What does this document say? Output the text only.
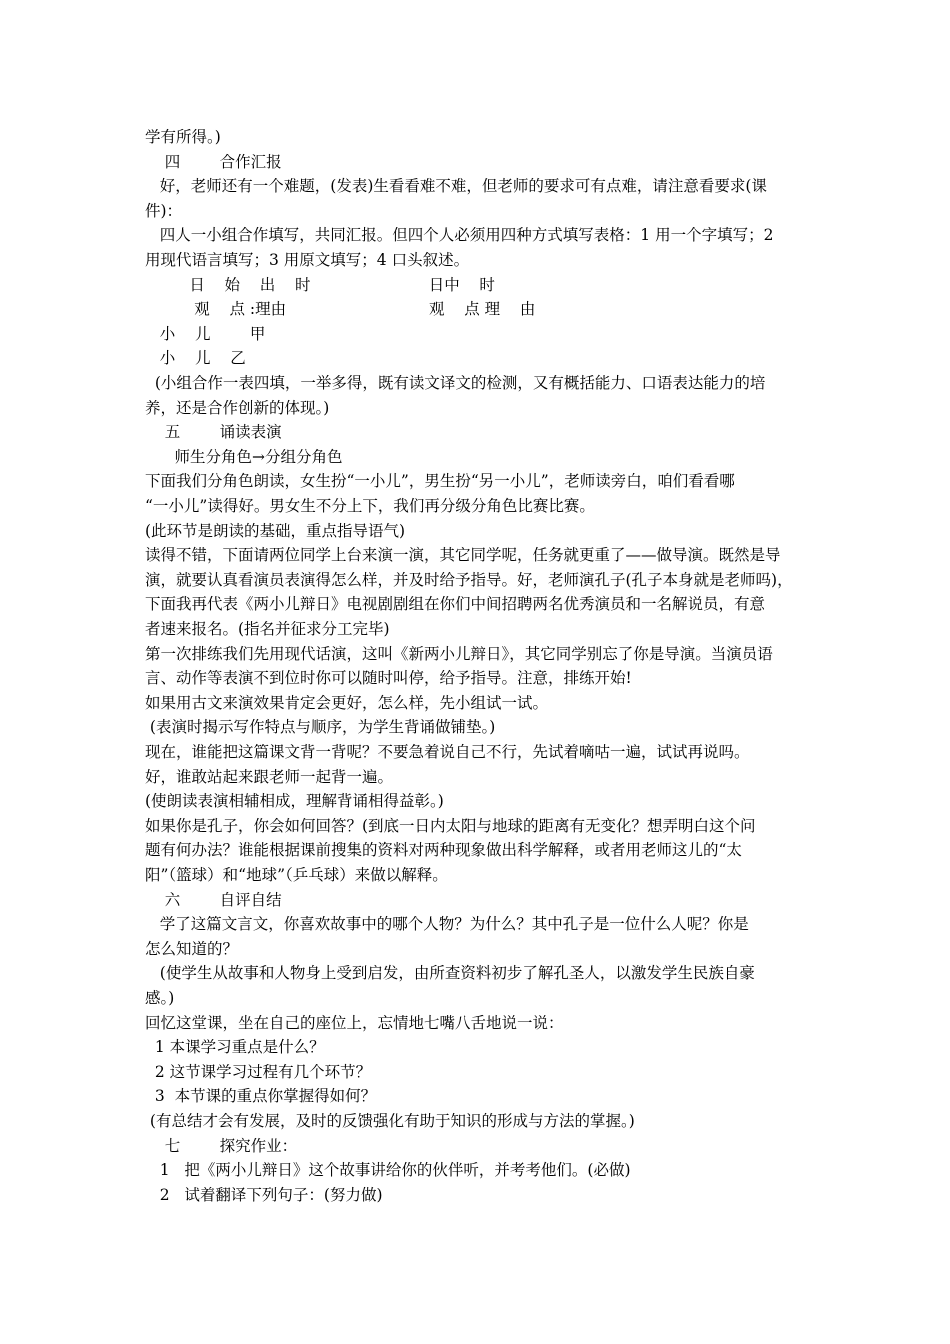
学有所得。)
四        合作汇报
好，老师还有一个难题，(发表)生看看难不难，但老师的要求可有点难，请注意看要求(课
件)：
四人一小组合作填写，共同汇报。但四个人必须用四种方式填写表格：1 用一个字填写；2
用现代语言填写；3 用原文填写；4 口头叙述。
日    始    出    时                        日中    时
观    点 :理由                             观    点 理    由
小    儿        甲
小    儿    乙
(小组合作一表四填，一举多得，既有读文译文的检测，又有概括能力、口语表达能力的培
养，还是合作创新的体现。)
五        诵读表演
师生分角色→分组分角色
下面我们分角色朗读，女生扮“一小儿”，男生扮“另一小儿”，老师读旁白，咱们看看哪
“一小儿”读得好。男女生不分上下，我们再分级分角色比赛比赛。
(此环节是朗读的基础，重点指导语气)
读得不错，下面请两位同学上台来演一演，其它同学呢，任务就更重了——做导演。既然是导
演，就要认真看演员表演得怎么样，并及时给予指导。好，老师演孔子(孔子本身就是老师吗)，
下面我再代表《两小儿辩日》电视剧剧组在你们中间招聘两名优秀演员和一名解说员，有意
者速来报名。(指名并征求分工完毕)
第一次排练我们先用现代话演，这叫《新两小儿辩日》，其它同学别忘了你是导演。当演员语
言、动作等表演不到位时你可以随时叫停，给予指导。注意，排练开始!
如果用古文来演效果肯定会更好，怎么样，先小组试一试。
(表演时揭示写作特点与顺序，为学生背诵做铺垫。)
现在，谁能把这篇课文背一背呢？不要急着说自己不行，先试着嘀咕一遍，试试再说吗。
好，谁敢站起来跟老师一起背一遍。
(使朗读表演相辅相成，理解背诵相得益彰。)
如果你是孔子，你会如何回答？(到底一日内太阳与地球的距离有无变化？想弄明白这个问
题有何办法？谁能根据课前搜集的资料对两种现象做出科学解释，或者用老师这儿的“太
阳”（篮球）和“地球”（乒乓球）来做以解释。
六        自评自结
学了这篇文言文，你喜欢故事中的哪个人物？为什么？其中孔子是一位什么人呢？你是
怎么知道的？
(使学生从故事和人物身上受到启发，由所查资料初步了解孔圣人，以激发学生民族自豪
感。)
回忆这堂课，坐在自己的座位上，忘情地七嘴八舌地说一说：
1 本课学习重点是什么？
2 这节课学习过程有几个环节？
3  本节课的重点你掌握得如何？
(有总结才会有发展，及时的反馈强化有助于知识的形成与方法的掌握。)
七        探究作业：
1   把《两小儿辩日》这个故事讲给你的伙伴听，并考考他们。(必做)
2   试着翻译下列句子：(努力做)
